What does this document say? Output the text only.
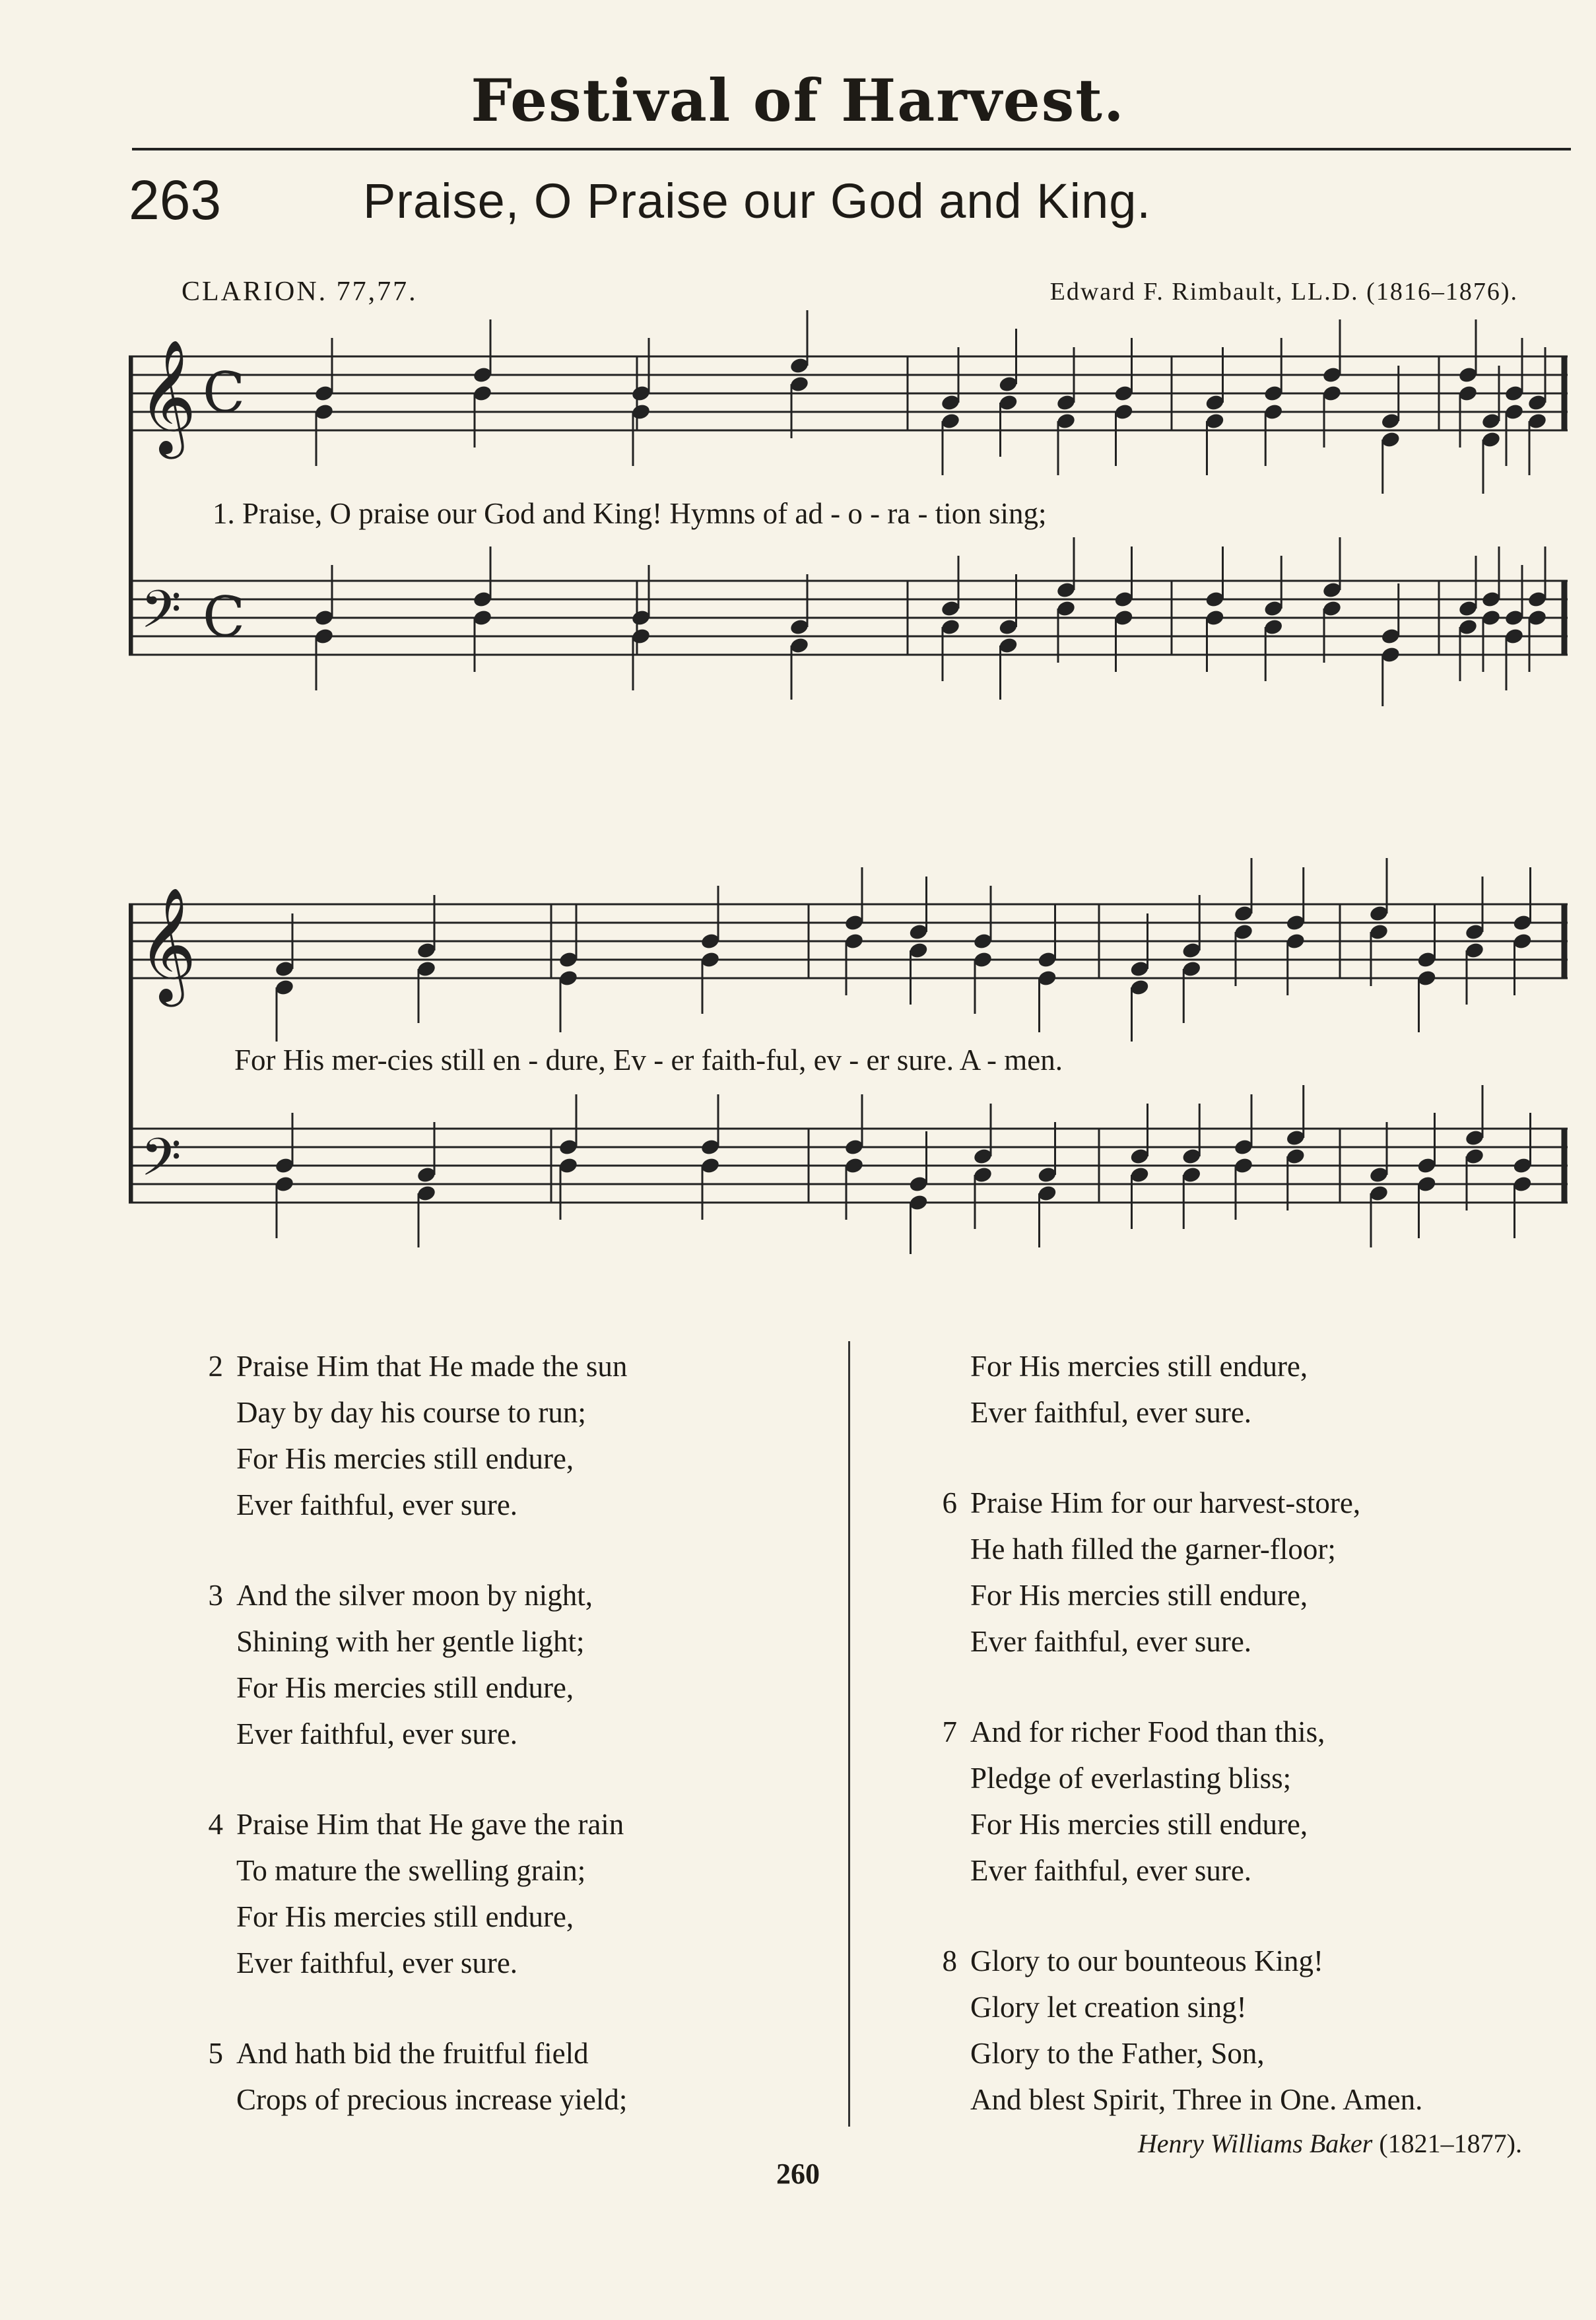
Festival of Harvest.
263	Praise, O Praise our God and King.
CLARION. 77,77.	Edward F. Rimbault, LL.D. (1816–1876).
𝄞
𝄢
C
C
1. Praise, O praise our God and King! Hymns of ad - o - ra - tion sing;
𝄞
𝄢
For His mer-cies still en - dure, Ev - er faith-ful, ev - er sure. A - men.
2 Praise Him that He made the sun
Day by day his course to run;
For His mercies still endure,
Ever faithful, ever sure.
3 And the silver moon by night,
Shining with her gentle light;
For His mercies still endure,
Ever faithful, ever sure.
4 Praise Him that He gave the rain
To mature the swelling grain;
For His mercies still endure,
Ever faithful, ever sure.
5 And hath bid the fruitful field
Crops of precious increase yield;
For His mercies still endure,
Ever faithful, ever sure.
6 Praise Him for our harvest-store,
He hath filled the garner-floor;
For His mercies still endure,
Ever faithful, ever sure.
7 And for richer Food than this,
Pledge of everlasting bliss;
For His mercies still endure,
Ever faithful, ever sure.
8 Glory to our bounteous King!
Glory let creation sing!
Glory to the Father, Son,
And blest Spirit, Three in One. Amen.
Henry Williams Baker (1821–1877).
260
